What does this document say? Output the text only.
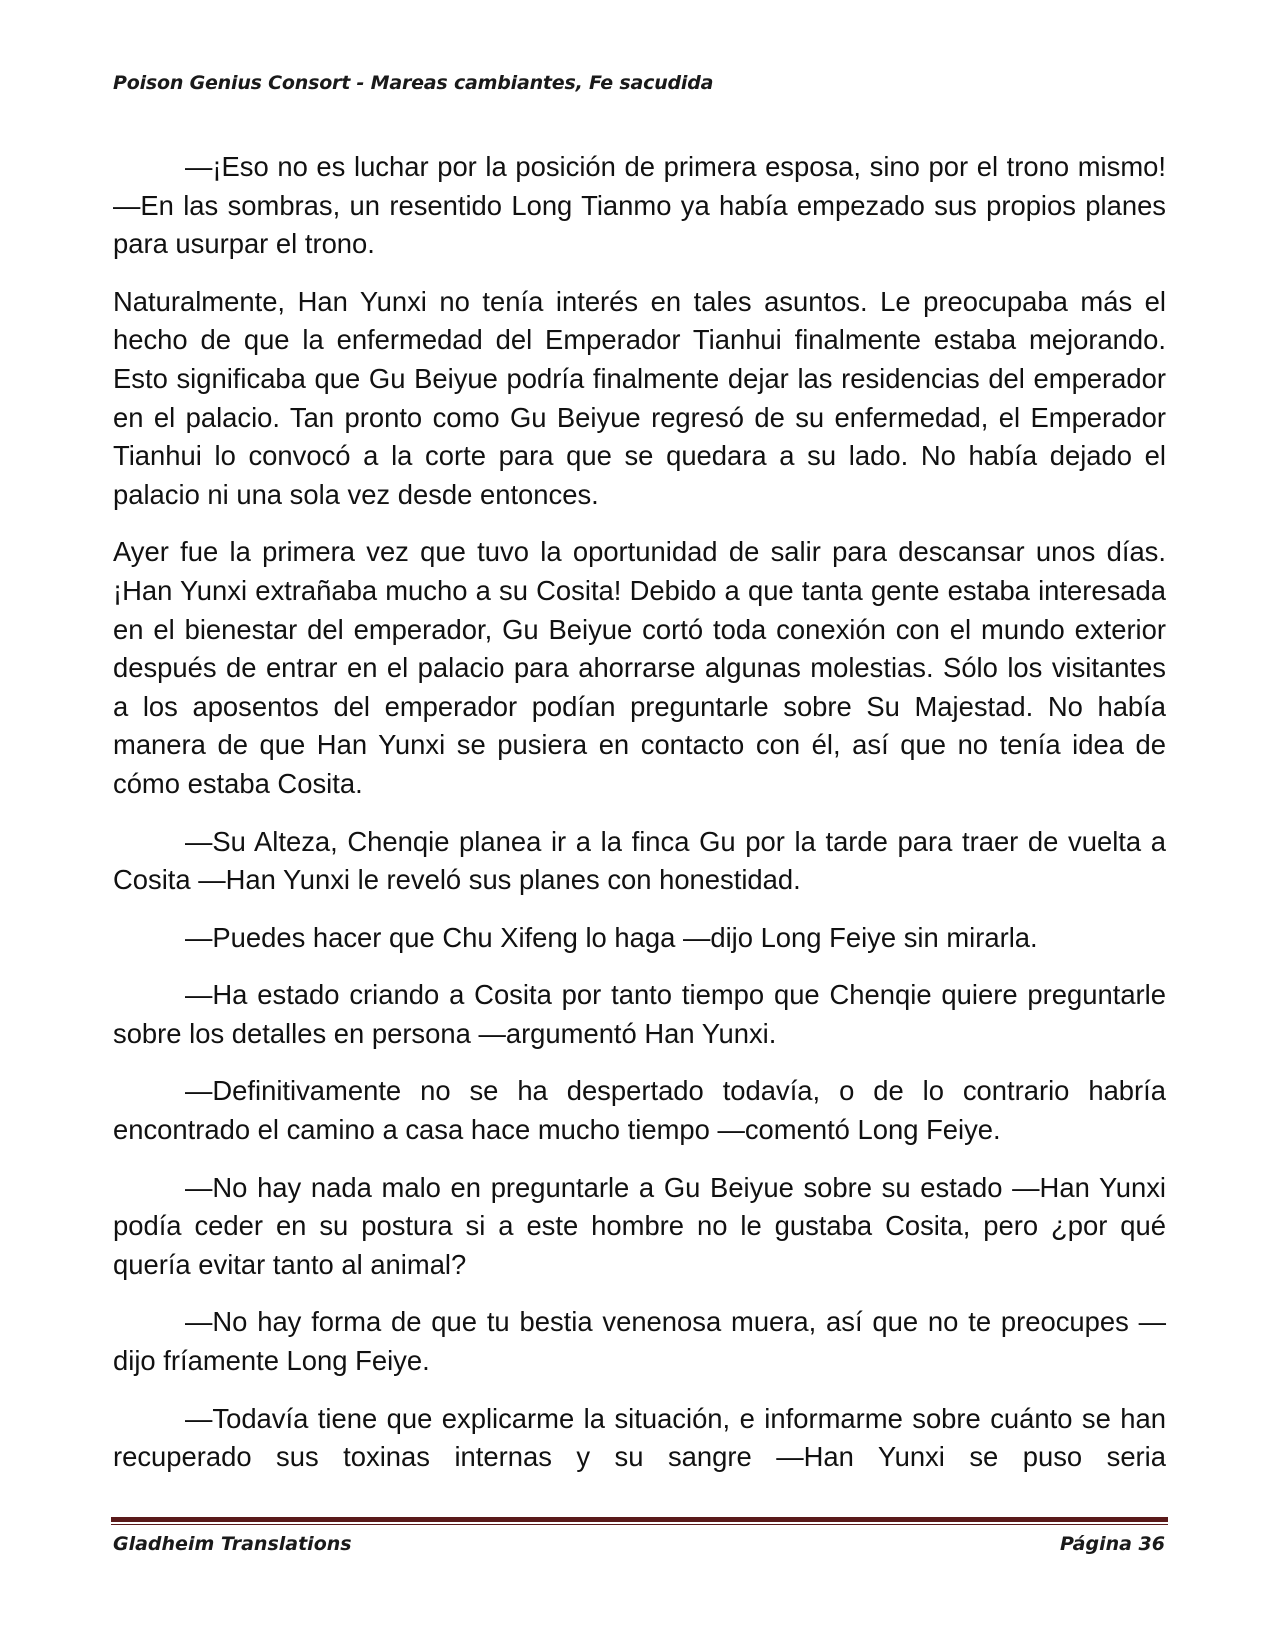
Poison Genius Consort - Mareas cambiantes, Fe sacudida

—¡Eso no es luchar por la posición de primera esposa, sino por el trono mismo! —En las sombras, un resentido Long Tianmo ya había empezado sus propios planes para usurpar el trono.

Naturalmente, Han Yunxi no tenía interés en tales asuntos. Le preocupaba más el hecho de que la enfermedad del Emperador Tianhui finalmente estaba mejorando. Esto significaba que Gu Beiyue podría finalmente dejar las residencias del emperador en el palacio. Tan pronto como Gu Beiyue regresó de su enfermedad, el Emperador Tianhui lo convocó a la corte para que se quedara a su lado. No había dejado el palacio ni una sola vez desde entonces.

Ayer fue la primera vez que tuvo la oportunidad de salir para descansar unos días. ¡Han Yunxi extrañaba mucho a su Cosita! Debido a que tanta gente estaba interesada en el bienestar del emperador, Gu Beiyue cortó toda conexión con el mundo exterior después de entrar en el palacio para ahorrarse algunas molestias. Sólo los visitantes a los aposentos del emperador podían preguntarle sobre Su Majestad. No había manera de que Han Yunxi se pusiera en contacto con él, así que no tenía idea de cómo estaba Cosita.

—Su Alteza, Chenqie planea ir a la finca Gu por la tarde para traer de vuelta a Cosita —Han Yunxi le reveló sus planes con honestidad.

—Puedes hacer que Chu Xifeng lo haga —dijo Long Feiye sin mirarla.

—Ha estado criando a Cosita por tanto tiempo que Chenqie quiere preguntarle sobre los detalles en persona —argumentó Han Yunxi.

—Definitivamente no se ha despertado todavía, o de lo contrario habría encontrado el camino a casa hace mucho tiempo —comentó Long Feiye.

—No hay nada malo en preguntarle a Gu Beiyue sobre su estado —Han Yunxi podía ceder en su postura si a este hombre no le gustaba Cosita, pero ¿por qué quería evitar tanto al animal?

—No hay forma de que tu bestia venenosa muera, así que no te preocupes —dijo fríamente Long Feiye.

—Todavía tiene que explicarme la situación, e informarme sobre cuánto se han recuperado sus toxinas internas y su sangre —Han Yunxi se puso seria

Gladheim Translations	Página 36
